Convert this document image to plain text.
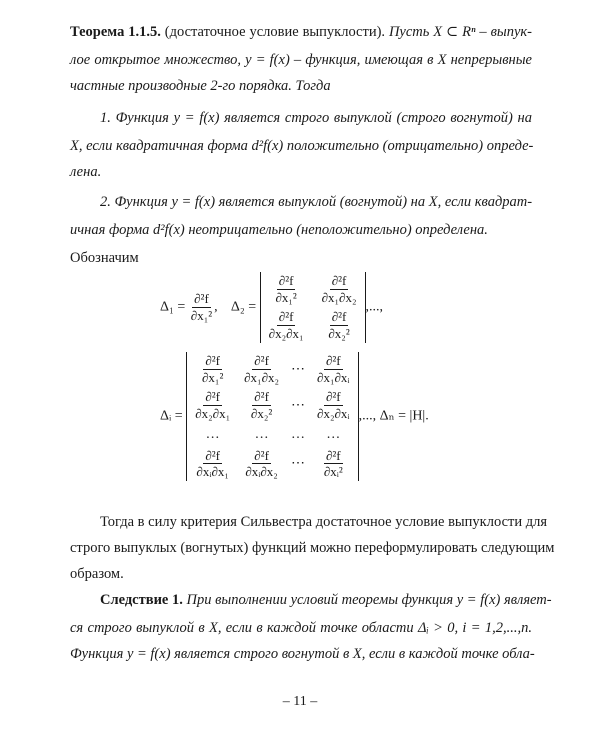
Теорема 1.1.5. (достаточное условие выпуклости). Пусть X ⊂ Rⁿ – выпук-
лое открытое множество, y = f(x) – функция, имеющая в X непрерывные
частные производные 2-го порядка. Тогда
1. Функция y = f(x) является строго выпуклой (строго вогнутой) на
X, если квадратичная форма d²f(x) положительно (отрицательно) опреде-
лена.
2. Функция y = f(x) является выпуклой (вогнутой) на X, если квадрат-
ичная форма d²f(x) неотрицательно (неположительно) определена.
Обозначим
$\Delta_1 = \frac{\text{∂²f}}{\text{∂x₁²}}$ ,    Δ₂ =
$\frac{\text{∂²f}}{\text{∂x₁²}} \frac{\text{∂²f}}{\text{∂x₁∂x₂}}$
$\frac{\text{∂²f}}{\text{∂x₂∂x₁}} \frac{\text{∂²f}}{\text{∂x₂²}}$
,...,
Δᵢ =
$\frac{\text{∂²f}}{\text{∂x₁²}} \frac{\text{∂²f}}{\text{∂x₁∂x₂}}$ ⋯ $\frac{\text{∂²f}}{\text{∂x₁∂xᵢ}}$
$\frac{\text{∂²f}}{\text{∂x₂∂x₁}} \frac{\text{∂²f}}{\text{∂x₂²}}$ ⋯ $\frac{\text{∂²f}}{\text{∂x₂∂xᵢ}}$
…	…	…	…
$\frac{\text{∂²f}}{\text{∂xᵢ∂x₁}} \frac{\text{∂²f}}{\text{∂xᵢ∂x₂}}$ ⋯ $\frac{\text{∂²f}}{\text{∂xᵢ²}}$
,..., Δₙ = |H|.
Тогда в силу критерия Сильвестра достаточное условие выпуклости для
строго выпуклых (вогнутых) функций можно переформулировать следующим
образом.
Следствие 1. При выполнении условий теоремы функция y = f(x) являет-
ся строго выпуклой в X, если в каждой точке области Δᵢ > 0, i = 1,2,...,n.
Функция y = f(x) является строго вогнутой в X, если в каждой точке обла-
– 11 –
